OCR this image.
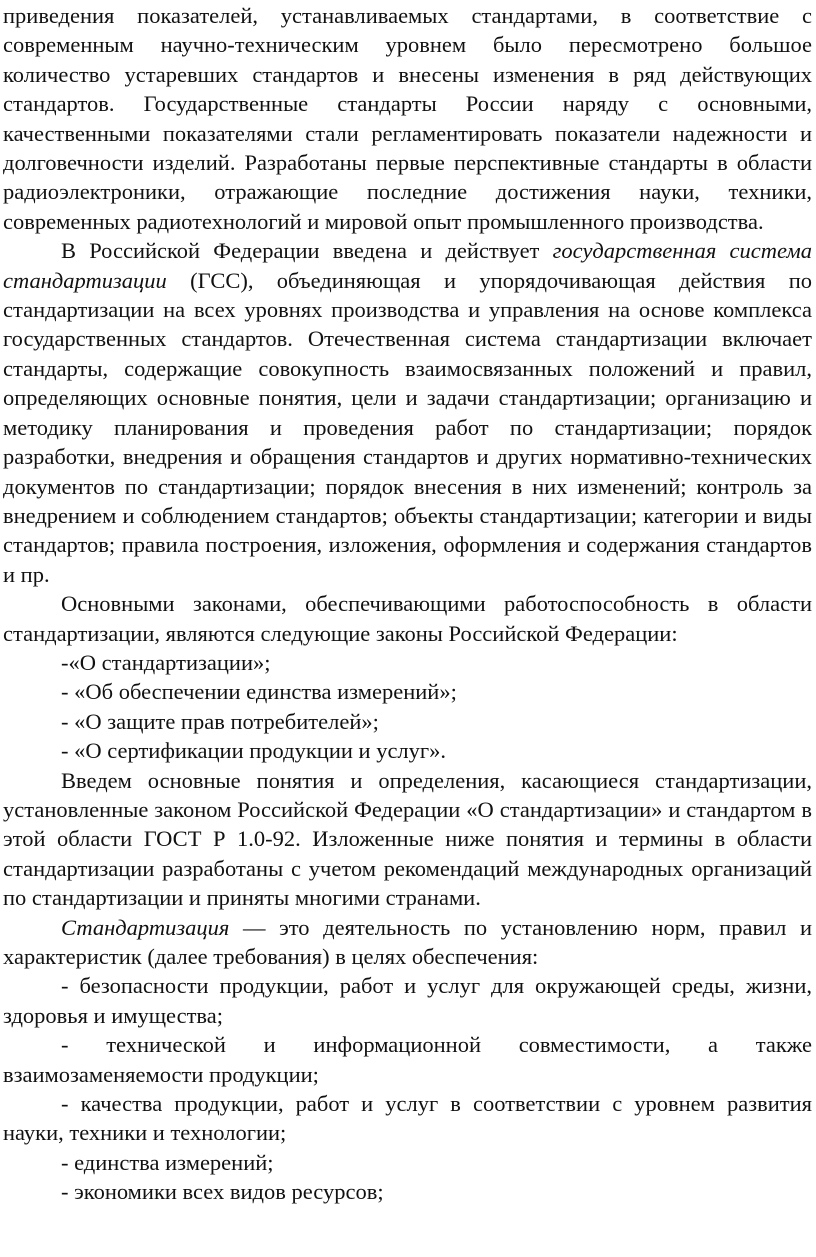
приведения показателей, устанавливаемых стандартами, в соответствие с современным научно-техническим уровнем было пересмотрено большое количество устаревших стандартов и внесены изменения в ряд действующих стандартов. Государственные стандарты России наряду с основными, качественными показателями стали регламентировать показатели надежности и долговечности изделий. Разработаны первые перспективные стандарты в области радиоэлектроники, отражающие последние достижения науки, техники, современных радиотехнологий и мировой опыт промышленного производства.

В Российской Федерации введена и действует государственная система стандартизации (ГСС), объединяющая и упорядочивающая действия по стандартизации на всех уровнях производства и управления на основе комплекса государственных стандартов. Отечественная система стандартизации включает стандарты, содержащие совокупность взаимосвязанных положений и правил, определяющих основные понятия, цели и задачи стандартизации; организацию и методику планирования и проведения работ по стандартизации; порядок разработки, внедрения и обращения стандартов и других нормативно-технических документов по стандартизации; порядок внесения в них изменений; контроль за внедрением и соблюдением стандартов; объекты стандартизации; категории и виды стандартов; правила построения, изложения, оформления и содержания стандартов и пр.

Основными законами, обеспечивающими работоспособность в области стандартизации, являются следующие законы Российской Федерации:

-«О стандартизации»;

- «Об обеспечении единства измерений»;

- «О защите прав потребителей»;

- «О сертификации продукции и услуг».

Введем основные понятия и определения, касающиеся стандартизации, установленные законом Российской Федерации «О стандартизации» и стандартом в этой области ГОСТ Р 1.0-92. Изложенные ниже понятия и термины в области стандартизации разработаны с учетом рекомендаций международных организаций по стандартизации и приняты многими странами.

Стандартизация — это деятельность по установлению норм, правил и характеристик (далее требования) в целях обеспечения:

- безопасности продукции, работ и услуг для окружающей среды, жизни, здоровья и имущества;

- технической и информационной совместимости, а также взаимозаменяемости продукции;

- качества продукции, работ и услуг в соответствии с уровнем развития науки, техники и технологии;

- единства измерений;

- экономики всех видов ресурсов;
